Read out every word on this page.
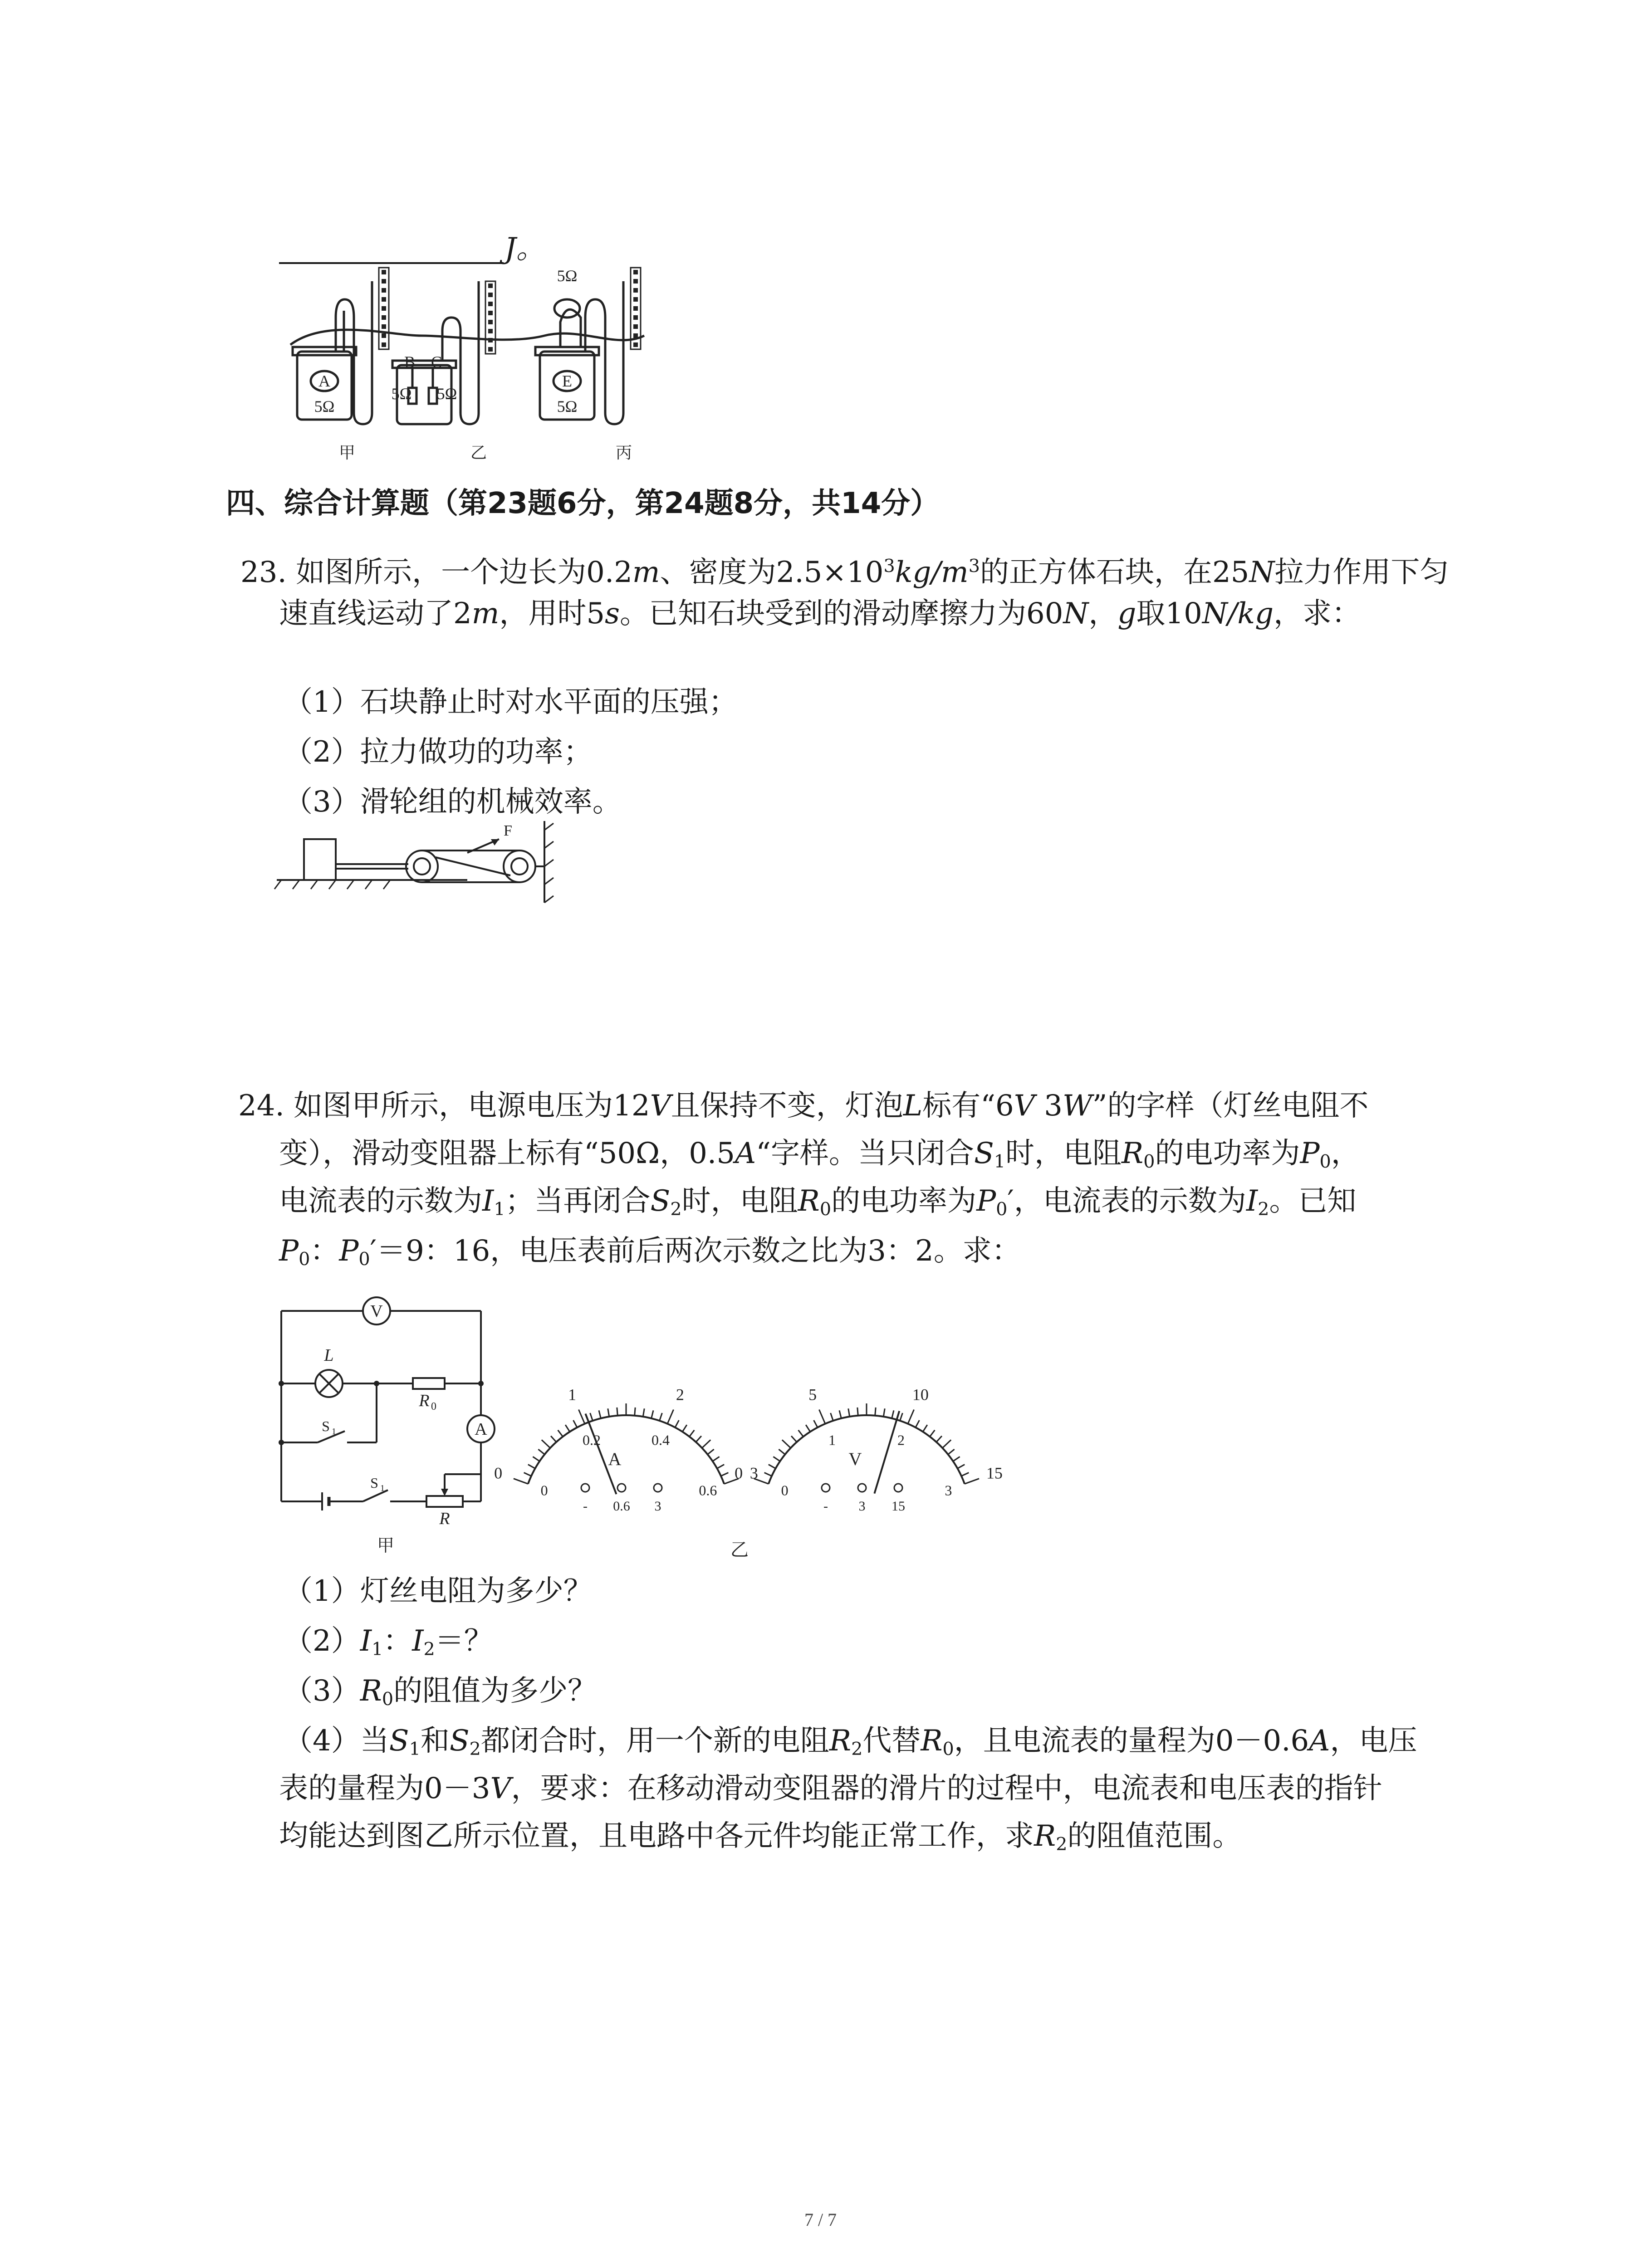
J。
A
5Ω
B C
5Ω 5Ω
E
5Ω
5Ω
甲	乙	丙
四、综合计算题（第23题6分，第24题8分，共14分）
23. 如图所示，一个边长为0.2m、密度为$2.5\times 10^3kg/m^3$的正方体石块，在25N拉力作用下匀
速直线运动了2m，用时5s。已知石块受到的滑动摩擦力为60N，g取10N/kg，求：
（1）石块静止时对水平面的压强；
（2）拉力做功的功率；
（3）滑轮组的机械效率。
F
24. 如图甲所示，电源电压为12V且保持不变，灯泡L标有“6V 3W”的字样（灯丝电阻不
变），滑动变阻器上标有“50Ω，0.5A“字样。当只闭合$S_1$时，电阻$R_0$的电功率为$P_0$，
电流表的示数为$I_1$；当再闭合$S_2$时，电阻$R_0$的电功率为$P_0'$，电流表的示数为$I_2$。已知
$P_0$：$P_0'=9$：16，电压表前后两次示数之比为3：2。求：
V
A
L
R 0
S 1
S 1
R
甲
0
1	2
3
0
0.2	0.4
0.6
A
- 0.6 3
0
5	10
15
0
1	2
3
V
- 3 15
乙
（1）灯丝电阻为多少？
$(2)I_1$：$I_2=$？
$(3)R_0$的阻值为多少？
（4）当$S_1$和$S_2$都闭合时，用一个新的电阻$R_2$代替$R_0$，且电流表的量程为0－0.6A，电压
表的量程为0－3V，要求：在移动滑动变阻器的滑片的过程中，电流表和电压表的指针
均能达到图乙所示位置，且电路中各元件均能正常工作，求$R_2$的阻值范围。
7 / 7
